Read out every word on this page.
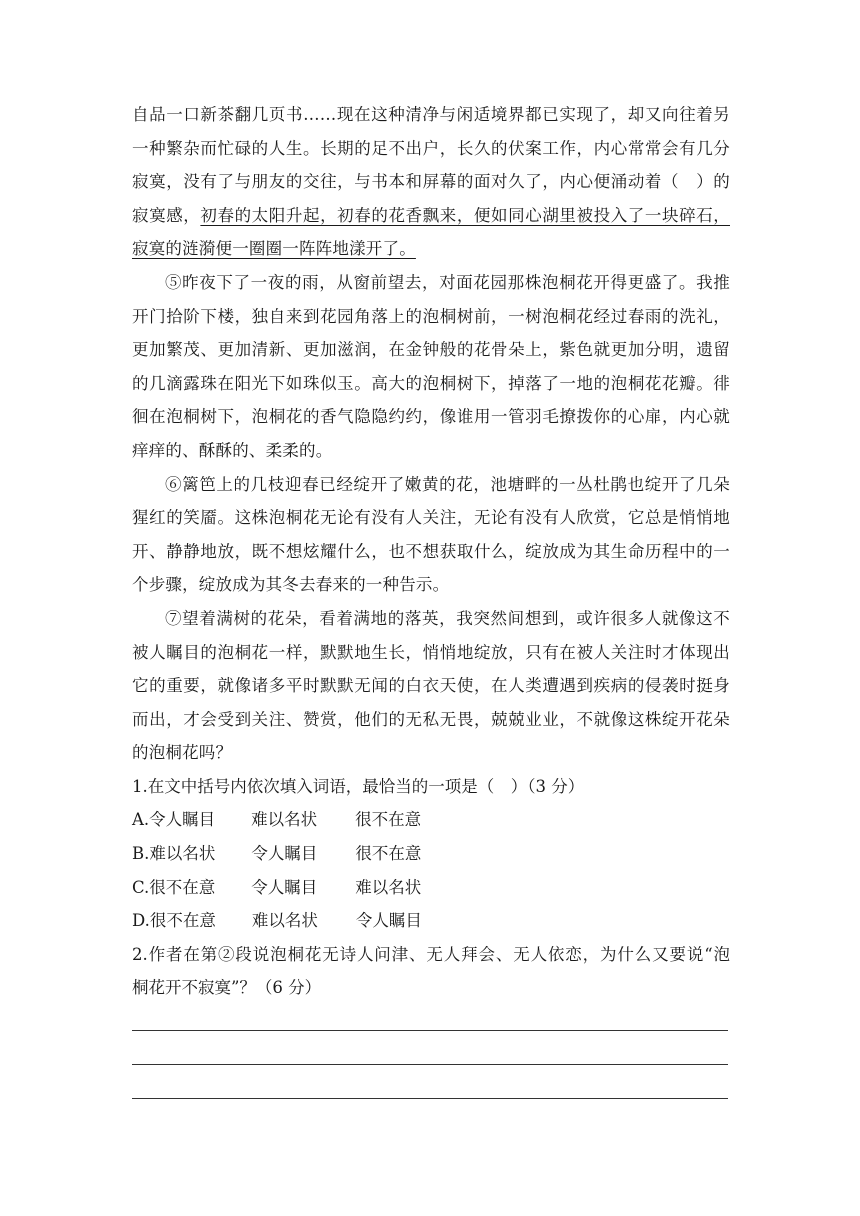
自品一口新茶翻几页书……现在这种清净与闲适境界都已实现了，却又向往着另
一种繁杂而忙碌的人生。长期的足不出户，长久的伏案工作，内心常常会有几分
寂寞，没有了与朋友的交往，与书本和屏幕的面对久了，内心便涌动着（　）的
寂寞感，初春的太阳升起，初春的花香飘来，便如同心湖里被投入了一块碎石，
寂寞的涟漪便一圈圈一阵阵地漾开了。
⑤昨夜下了一夜的雨，从窗前望去，对面花园那株泡桐花开得更盛了。我推
开门拾阶下楼，独自来到花园角落上的泡桐树前，一树泡桐花经过春雨的洗礼，
更加繁茂、更加清新、更加滋润，在金钟般的花骨朵上，紫色就更加分明，遗留
的几滴露珠在阳光下如珠似玉。高大的泡桐树下，掉落了一地的泡桐花花瓣。徘
徊在泡桐树下，泡桐花的香气隐隐约约，像谁用一管羽毛撩拨你的心扉，内心就
痒痒的、酥酥的、柔柔的。
⑥篱笆上的几枝迎春已经绽开了嫩黄的花，池塘畔的一丛杜鹃也绽开了几朵
猩红的笑靥。这株泡桐花无论有没有人关注，无论有没有人欣赏，它总是悄悄地
开、静静地放，既不想炫耀什么，也不想获取什么，绽放成为其生命历程中的一
个步骤，绽放成为其冬去春来的一种告示。
⑦望着满树的花朵，看着满地的落英，我突然间想到，或许很多人就像这不
被人瞩目的泡桐花一样，默默地生长，悄悄地绽放，只有在被人关注时才体现出
它的重要，就像诸多平时默默无闻的白衣天使，在人类遭遇到疾病的侵袭时挺身
而出，才会受到关注、赞赏，他们的无私无畏，兢兢业业，不就像这株绽开花朵
的泡桐花吗？
1.在文中括号内依次填入词语，最恰当的一项是（　）（3 分）
A. 令人瞩目	难以名状	很不在意
B. 难以名状	令人瞩目	很不在意
C. 很不在意	令人瞩目	难以名状
D. 很不在意	难以名状	令人瞩目
2.作者在第②段说泡桐花无诗人问津、无人拜会、无人依恋，为什么又要说“泡
桐花开不寂寞”？（6 分）
